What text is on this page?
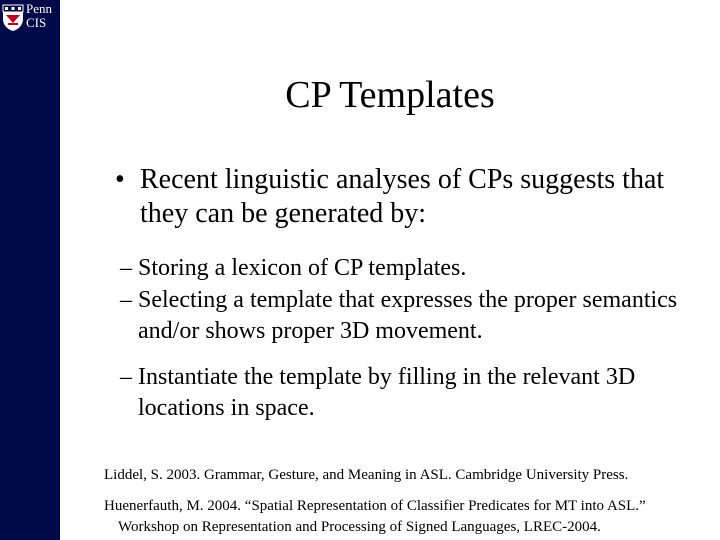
Penn
CIS
CP Templates
• Recent linguistic analyses of CPs suggests that they can be generated by:
– Storing a lexicon of CP templates.
– Selecting a template that expresses the proper semantics and/or shows proper 3D movement.
– Instantiate the template by filling in the relevant 3D locations in space.
Liddel, S. 2003. Grammar, Gesture, and Meaning in ASL. Cambridge University Press.
Huenerfauth, M. 2004. “Spatial Representation of Classifier Predicates for MT into ASL.”
Workshop on Representation and Processing of Signed Languages, LREC-2004.
